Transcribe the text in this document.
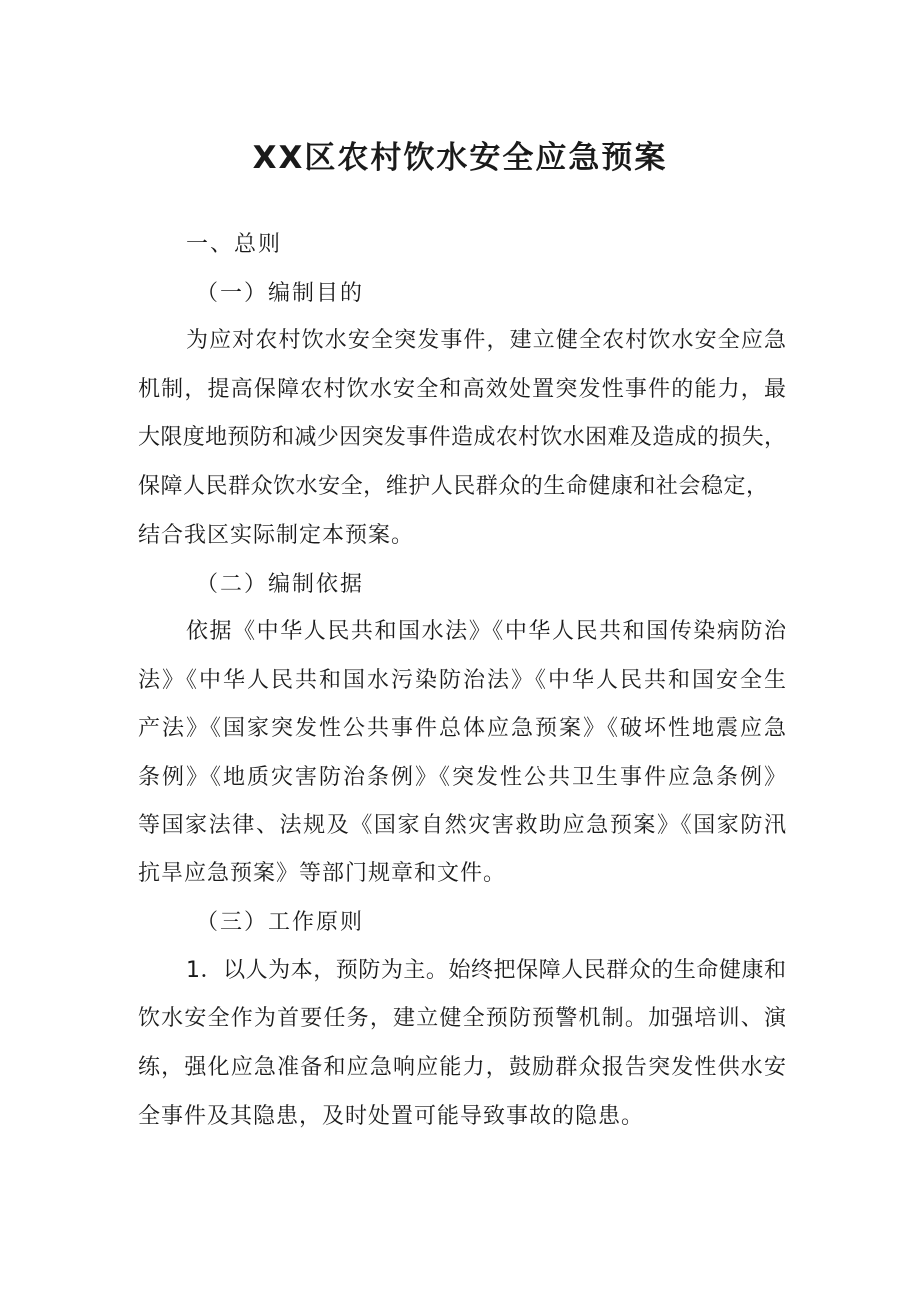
XX区农村饮水安全应急预案
一、总则
（一）编制目的
为应对农村饮水安全突发事件，建立健全农村饮水安全应急
机制，提高保障农村饮水安全和高效处置突发性事件的能力，最
大限度地预防和减少因突发事件造成农村饮水困难及造成的损失，
保障人民群众饮水安全，维护人民群众的生命健康和社会稳定，
结合我区实际制定本预案。
（二）编制依据
依据《中华人民共和国水法》《中华人民共和国传染病防治
法》《中华人民共和国水污染防治法》《中华人民共和国安全生
产法》《国家突发性公共事件总体应急预案》《破坏性地震应急
条例》《地质灾害防治条例》《突发性公共卫生事件应急条例》
等国家法律、法规及《国家自然灾害救助应急预案》《国家防汛
抗旱应急预案》等部门规章和文件。
（三）工作原则
1．以人为本，预防为主。始终把保障人民群众的生命健康和
饮水安全作为首要任务，建立健全预防预警机制。加强培训、演
练，强化应急准备和应急响应能力，鼓励群众报告突发性供水安
全事件及其隐患，及时处置可能导致事故的隐患。
